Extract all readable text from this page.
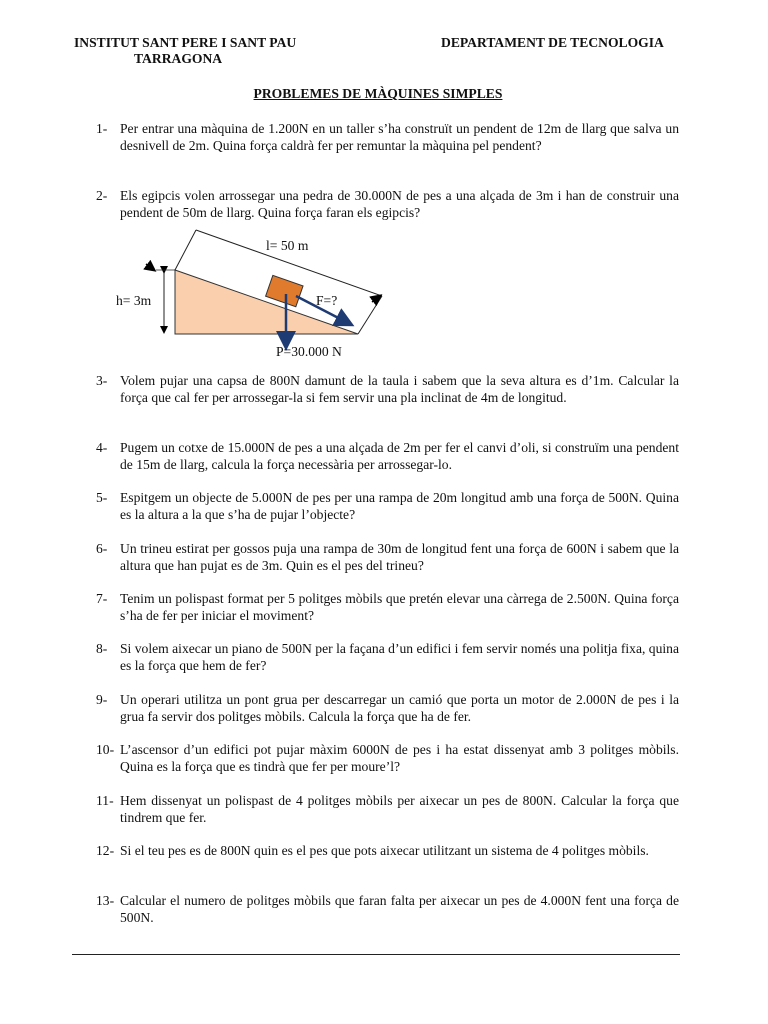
INSTITUT SANT PERE I SANT PAU
TARRAGONA
DEPARTAMENT DE TECNOLOGIA
PROBLEMES DE MÀQUINES SIMPLES
1- Per entrar una màquina de 1.200N en un taller s’ha construït un pendent de 12m de llarg que salva un desnivell de 2m. Quina força caldrà fer per remuntar la màquina pel pendent?
2- Els egipcis volen arrossegar una pedra de 30.000N de pes a una alçada de 3m i han de construir una pendent de 50m de llarg. Quina força faran els egipcis?
l= 50 m
h= 3m	F=?
P=30.000 N
3- Volem pujar una capsa de 800N damunt de la taula i sabem que la seva altura es d’1m. Calcular la força que cal fer per arrossegar-la si fem servir una pla inclinat de 4m de longitud.
4- Pugem un cotxe de 15.000N de pes a una alçada de 2m per fer el canvi d’oli, si construïm una pendent de 15m de llarg, calcula la força necessària per arrossegar-lo.
5- Espitgem un objecte de 5.000N de pes per una rampa de 20m longitud amb una força de 500N. Quina es la altura a la que s’ha de pujar l’objecte?
6- Un trineu estirat per gossos puja una rampa de 30m de longitud fent una força de 600N i sabem que la altura que han pujat es de 3m. Quin es el pes del trineu?
7- Tenim un polispast format per 5 politges mòbils que pretén elevar una càrrega de 2.500N. Quina força s’ha de fer per iniciar el moviment?
8- Si volem aixecar un piano de 500N per la façana d’un edifici i fem servir només una politja fixa, quina es la força que hem de fer?
9- Un operari utilitza un pont grua per descarregar un camió que porta un motor de 2.000N de pes i la grua fa servir dos politges mòbils. Calcula la força que ha de fer.
10- L’ascensor d’un edifici pot pujar màxim 6000N de pes i ha estat dissenyat amb 3 politges mòbils. Quina es la força que es tindrà que fer per moure’l?
11- Hem dissenyat un polispast de 4 politges mòbils per aixecar un pes de 800N. Calcular la força que tindrem que fer.
12- Si el teu pes es de 800N quin es el pes que pots aixecar utilitzant un sistema de 4 politges mòbils.
13- Calcular el numero de politges mòbils que faran falta per aixecar un pes de 4.000N fent una força de 500N.
